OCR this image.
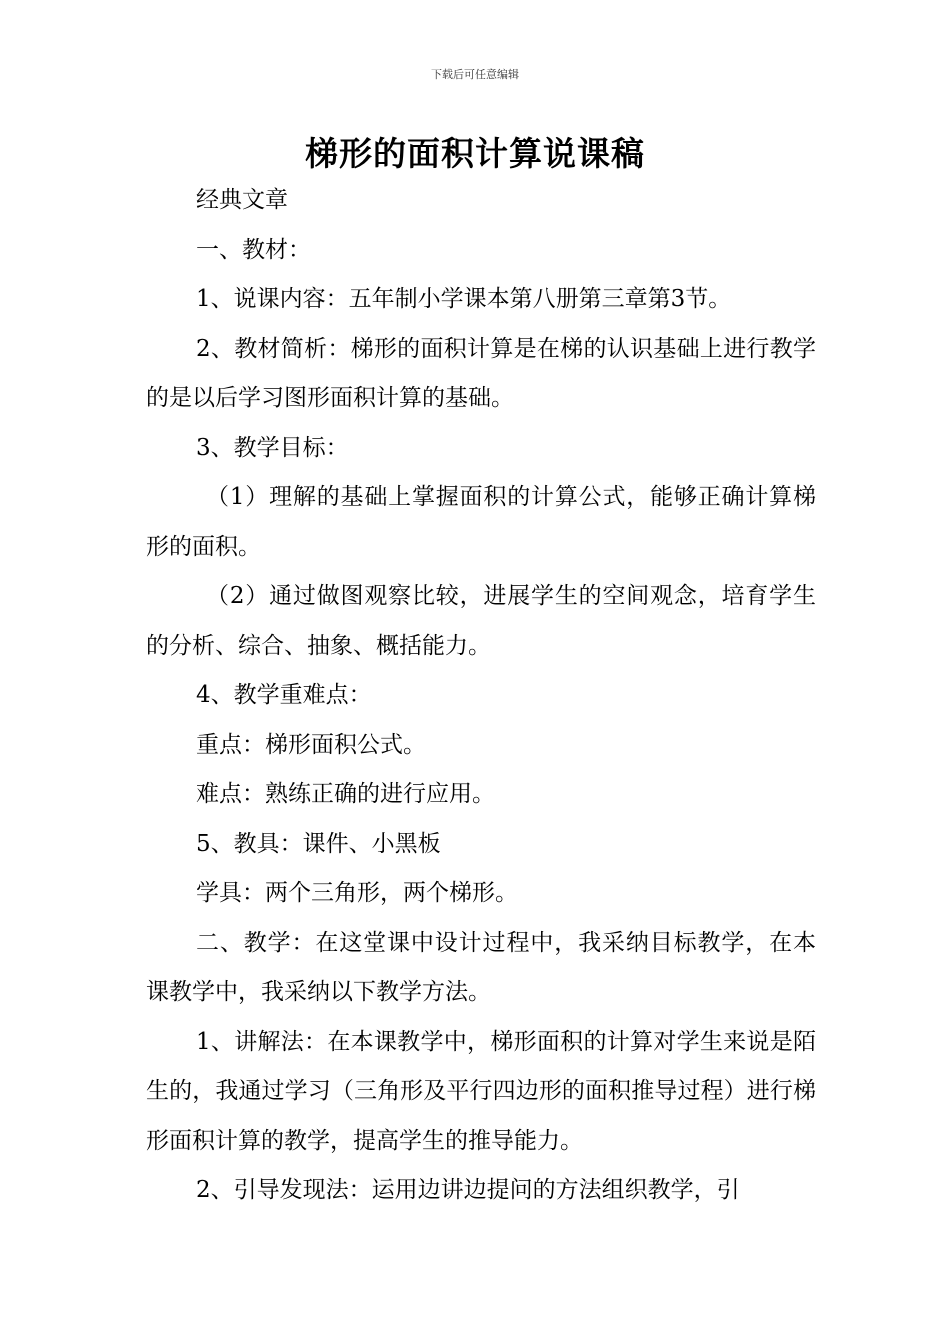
下载后可任意编辑
梯形的面积计算说课稿

经典文章

一、教材：

1、说课内容：五年制小学课本第八册第三章第3节。

2、教材简析：梯形的面积计算是在梯的认识基础上进行教学的是以后学习图形面积计算的基础。

3、教学目标：

（1）理解的基础上掌握面积的计算公式，能够正确计算梯形的面积。

（2）通过做图观察比较，进展学生的空间观念，培育学生的分析、综合、抽象、概括能力。

4、教学重难点：

重点：梯形面积公式。

难点：熟练正确的进行应用。

5、教具：课件、小黑板

学具：两个三角形，两个梯形。

二、教学：在这堂课中设计过程中，我采纳目标教学，在本课教学中，我采纳以下教学方法。

1、讲解法：在本课教学中，梯形面积的计算对学生来说是陌生的，我通过学习（三角形及平行四边形的面积推导过程）进行梯形面积计算的教学，提高学生的推导能力。

2、引导发现法：运用边讲边提问的方法组织教学，引
